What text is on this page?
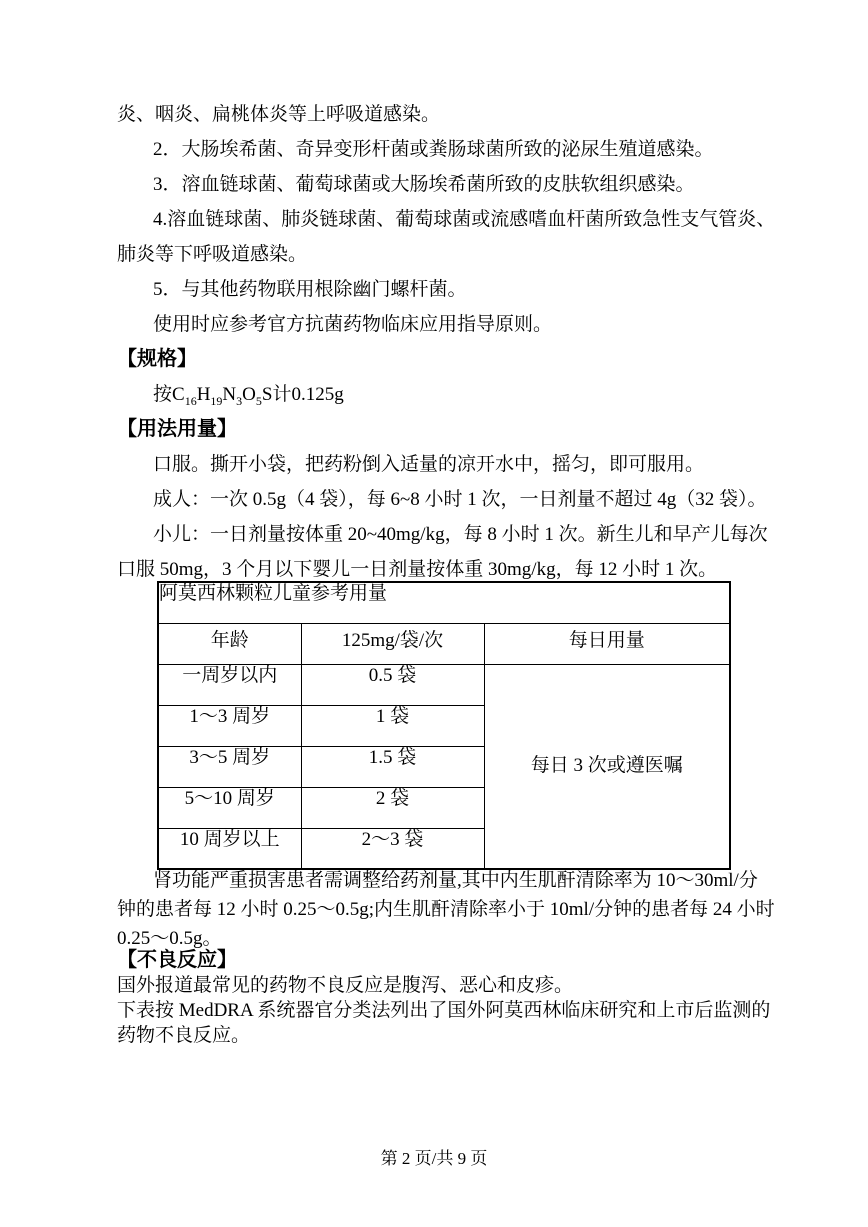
炎、咽炎、扁桃体炎等上呼吸道感染。
2．大肠埃希菌、奇异变形杆菌或粪肠球菌所致的泌尿生殖道感染。
3．溶血链球菌、葡萄球菌或大肠埃希菌所致的皮肤软组织感染。
4.溶血链球菌、肺炎链球菌、葡萄球菌或流感嗜血杆菌所致急性支气管炎、
肺炎等下呼吸道感染。
5．与其他药物联用根除幽门螺杆菌。
使用时应参考官方抗菌药物临床应用指导原则。
【规格】
按$C_{16}H_{19}N_3O_5S$计0.125g
【用法用量】
口服。撕开小袋，把药粉倒入适量的凉开水中，摇匀，即可服用。
成人：一次 0.5g（4 袋），每 6~8 小时 1 次，一日剂量不超过 4g（32 袋）。
小儿：一日剂量按体重 20~40mg/kg，每 8 小时 1 次。新生儿和早产儿每次
口服 50mg，3 个月以下婴儿一日剂量按体重 30mg/kg，每 12 小时 1 次。
阿莫西林颗粒儿童参考用量		
年龄	125mg/袋/次	每日用量
一周岁以内	0.5 袋	每日 3 次或遵医嘱
1～3 周岁	1 袋	
3～5 周岁	1.5 袋	
5～10 周岁	2 袋	
10 周岁以上	2～3 袋	
肾功能严重损害患者需调整给药剂量,其中内生肌酐清除率为 10～30ml/分
钟的患者每 12 小时 0.25～0.5g;内生肌酐清除率小于 10ml/分钟的患者每 24 小时
0.25～0.5g。
【不良反应】
国外报道最常见的药物不良反应是腹泻、恶心和皮疹。
下表按 MedDRA 系统器官分类法列出了国外阿莫西林临床研究和上市后监测的
药物不良反应。
第 2 页/共 9 页
